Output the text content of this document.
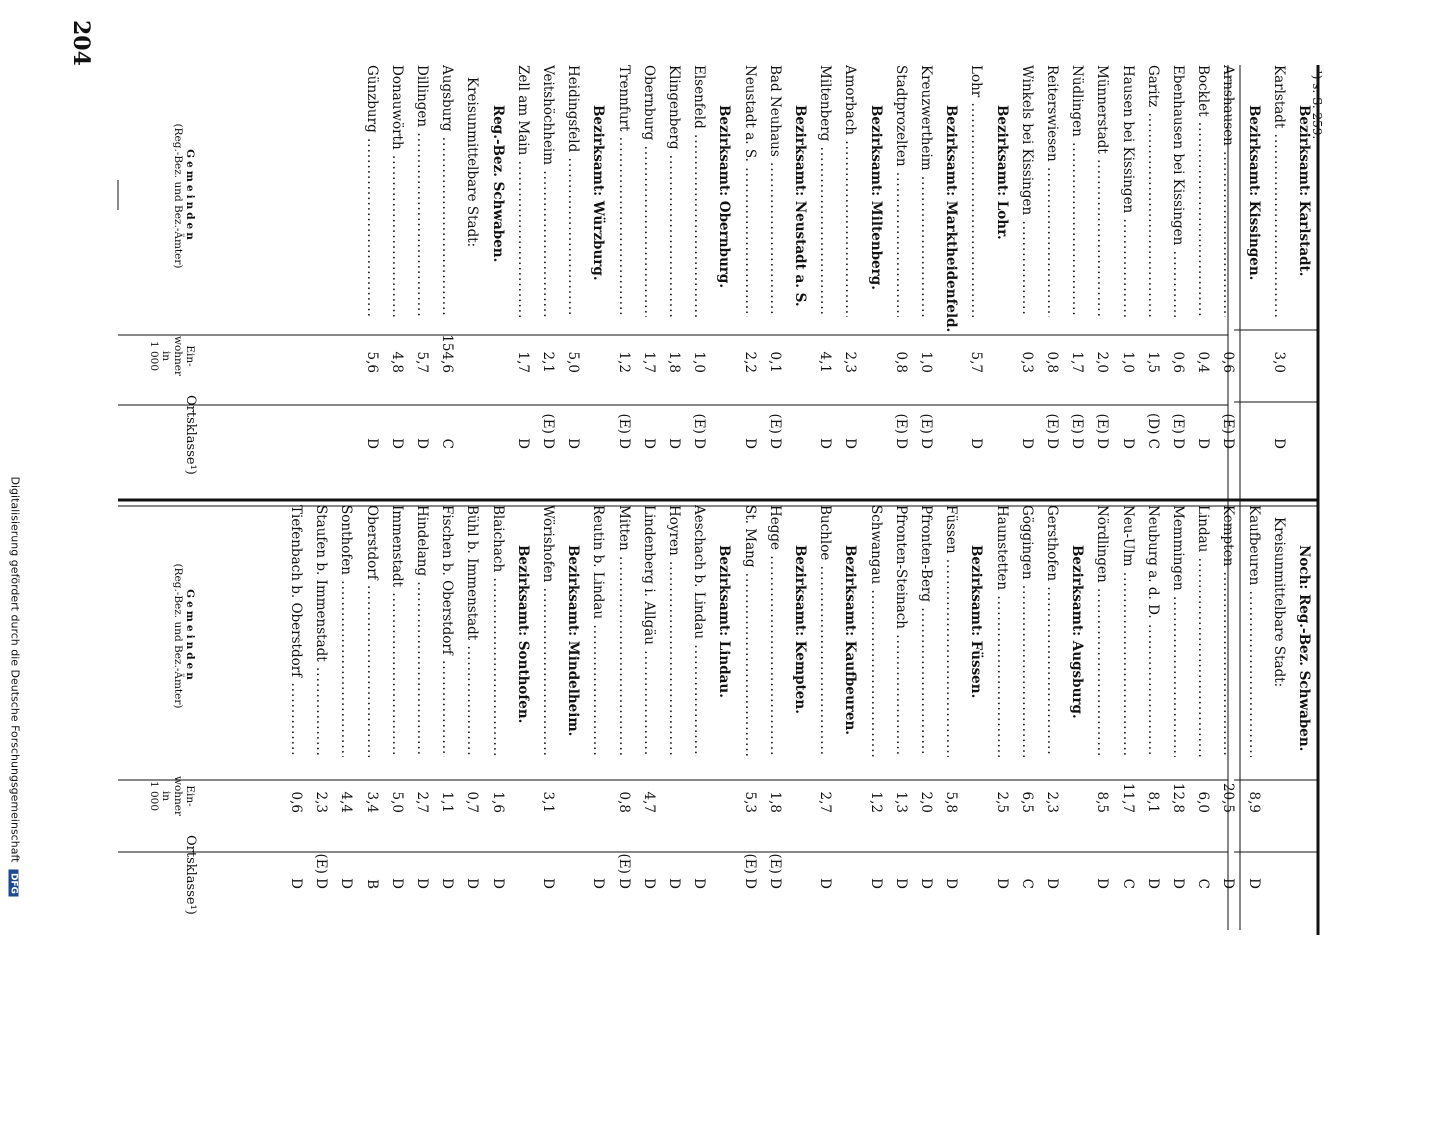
204
Gemeinden
(Reg.-Bez. und Bez.-Ämter)
Ein-
wohner
in
1 000
Ortsklasse¹)
Gemeinden
(Reg.-Bez. und Bez.-Ämter)
Ein-
wohner
in
1 000
Ortsklasse¹)
Bezirksamt: Karlstadt.
Karlstadt .....
3,0
D
Bezirksamt: Kissingen.
Arnshausen .....
0,6
(E) D
Bocklet .....
0,4
D
Ebenhausen bei Kissingen .....
0,6
(E) D
Garitz .....
1,5
(D) C
Hausen bei Kissingen .....
1,0
D
Münnerstadt .....
2,0
(E) D
Nüdlingen .....
1,7
(E) D
Reiterswiesen .....
0,8
(E) D
Winkels bei Kissingen .....
0,3
D
Bezirksamt: Lohr.
Lohr .....
5,7
D
Bezirksamt: Marktheidenfeld.
Kreuzwertheim .....
1,0
(E) D
Stadtprozelten .....
0,8
(E) D
Bezirksamt: Miltenberg.
Amorbach .....
2,3
D
Miltenberg .....
4,1
D
Bezirksamt: Neustadt a. S.
Bad Neuhaus .....
0,1
(E) D
Neustadt a. S. .....
2,2
D
Bezirksamt: Obernburg.
Elsenfeld .....
1,0
(E) D
Klingenberg .....
1,8
D
Obernburg .....
1,7
D
Trennfurt .....
1,2
(E) D
Bezirksamt: Würzburg.
Heidingsfeld .....
5,0
D
Veitshöchheim .....
2,1
(E) D
Zell am Main .....
1,7
D
Reg.-Bez. Schwaben.
Kreisunmittelbare Stadt:
Augsburg .....
154,6
C
Dillingen .....
5,7
D
Donauwörth .....
4,8
D
Günzburg .....
5,6
D
Noch: Reg.-Bez. Schwaben.
Kreisunmittelbare Stadt:
Kaufbeuren .....
8,9
D
Kempten .....
20,5
D
Lindau .....
6,0
C
Memmingen .....
12,8
D
Neuburg a. d. D. .....
8,1
D
Neu-Ulm .....
11,7
C
Nördlingen .....
8,5
D
Bezirksamt: Augsburg.
Gersthofen .....
2,3
D
Göggingen .....
6,5
C
Haunstetten .....
2,5
D
Bezirksamt: Füssen.
Füssen .....
5,8
D
Pfronten-Berg .....
2,0
D
Pfronten-Steinach .....
1,3
D
Schwangau .....
1,2
D
Bezirksamt: Kaufbeuren.
Buchloe .....
2,7
D
Bezirksamt: Kempten.
Hegge .....
1,8
(E) D
St. Mang .....
5,3
(E) D
Bezirksamt: Lindau.
Aeschach b. Lindau .....
D
Hoyren .....
D
Lindenberg i. Allgäu .....
4,7
D
Mitten .....
0,8
(E) D
Reutin b. Lindau .....
D
Bezirksamt: Mindelheim.
Wörishofen .....
3,1
D
Bezirksamt: Sonthofen.
Blaichach .....
1,6
D
Bühl b. Immenstadt .....
0,7
D
Fischen b. Oberstdorf .....
1,1
D
Hindelang .....
2,7
D
Immenstadt .....
5,0
D
Oberstdorf .....
3,4
B
Sonthofen .....
4,4
D
Staufen b. Immenstadt .....
2,3
(E) D
Tiefenbach b. Oberstdorf .....
0,6
D
¹) s. S. 259.
Digitalisierung gefördert durch die Deutsche Forschungsgemeinschaft DFG
